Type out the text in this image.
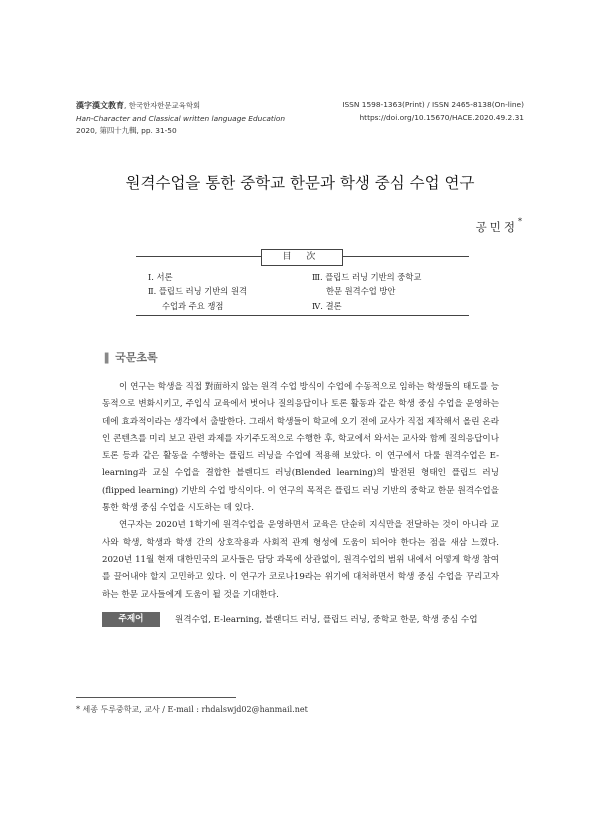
漢字漢文教育, 한국한자한문교육학회
Han-Character and Classical written language Education
2020, 第四十九輯, pp. 31-50
ISSN 1598-1363(Print) / ISSN 2465-8138(On-line)
https://doi.org/10.15670/HACE.2020.49.2.31
원격수업을 통한 중학교 한문과 학생 중심 수업 연구
공민정*
目 次
Ⅰ. 서론
Ⅱ. 플립드 러닝 기반의 원격
수업과 주요 쟁점
Ⅲ. 플립드 러닝 기반의 중학교
한문 원격수업 방안
Ⅳ. 결론
❚ 국문초록

이 연구는 학생을 직접 對面하지 않는 원격 수업 방식이 수업에 수동적으로 임하는 학생들의 태도를 능동적으로 변화시키고, 주입식 교육에서 벗어나 질의응답이나 토론 활동과 같은 학생 중심 수업을 운영하는 데에 효과적이라는 생각에서 출발한다. 그래서 학생들이 학교에 오기 전에 교사가 직접 제작해서 올린 온라인 콘텐츠를 미리 보고 관련 과제를 자기주도적으로 수행한 후, 학교에서 와서는 교사와 함께 질의응답이나 토론 등과 같은 활동을 수행하는 플립드 러닝을 수업에 적용해 보았다. 이 연구에서 다룰 원격수업은 E-learning과 교실 수업을 결합한 블렌디드 러닝(Blended learning)의 발전된 형태인 플립드 러닝(flipped learning) 기반의 수업 방식이다. 이 연구의 목적은 플립드 러닝 기반의 중학교 한문 원격수업을 통한 학생 중심 수업을 시도하는 데 있다.

연구자는 2020년 1학기에 원격수업을 운영하면서 교육은 단순히 지식만을 전달하는 것이 아니라 교사와 학생, 학생과 학생 간의 상호작용과 사회적 관계 형성에 도움이 되어야 한다는 점을 새삼 느꼈다. 2020년 11월 현재 대한민국의 교사들은 담당 과목에 상관없이, 원격수업의 범위 내에서 어떻게 학생 참여를 끌어내야 할지 고민하고 있다. 이 연구가 코로나19라는 위기에 대처하면서 학생 중심 수업을 꾸리고자 하는 한문 교사들에게 도움이 될 것을 기대한다.

주제어	원격수업, E-learning, 블랜디드 러닝, 플립드 러닝, 중학교 한문, 학생 중심 수업
* 세종 두루중학교, 교사 / E-mail : rhdalswjd02@hanmail.net
